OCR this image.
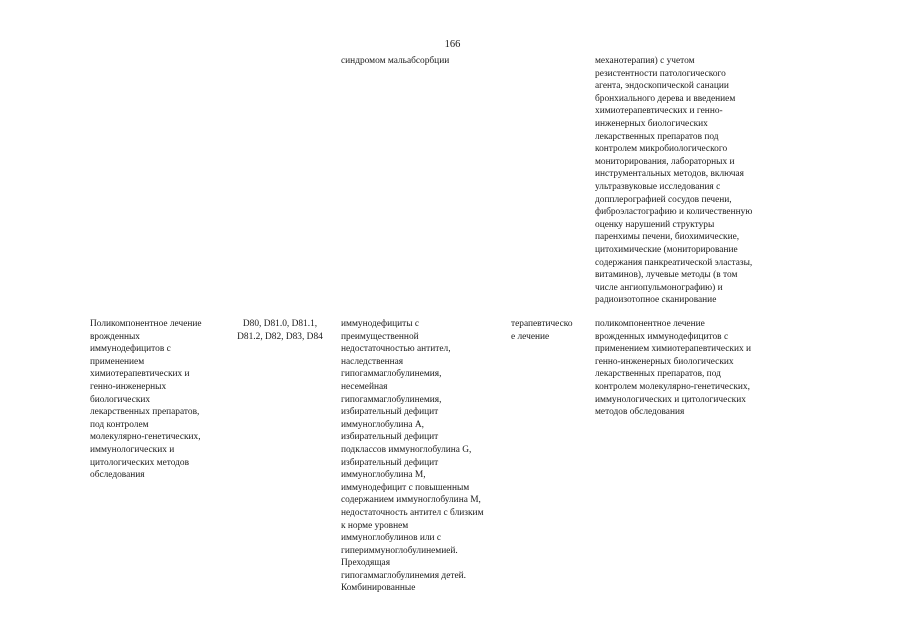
166
синдромом мальабсорбции	механотерапия) с учетом
резистентности патологического
агента, эндоскопической санации
бронхиального дерева и введением
химиотерапевтических и генно-
инженерных биологических
лекарственных препаратов под
контролем микробиологического
мониторирования, лабораторных и
инструментальных методов, включая
ультразвуковые исследования с
допплерографией сосудов печени,
фиброэластографию и количественную
оценку нарушений структуры
паренхимы печени, биохимические,
цитохимические (мониторирование
содержания панкреатической эластазы,
витаминов), лучевые методы (в том
числе ангиопульмонографию) и
радиоизотопное сканирование
Поликомпонентное лечение
врожденных
иммунодефицитов с
применением
химиотерапевтических и
генно-инженерных
биологических
лекарственных препаратов,
под контролем
молекулярно-генетических,
иммунологических и
цитологических методов
обследования
D80, D81.0, D81.1,
D81.2, D82, D83, D84
иммунодефициты с
преимущественной
недостаточностью антител,
наследственная
гипогаммаглобулинемия,
несемейная
гипогаммаглобулинемия,
избирательный дефицит
иммуноглобулина A,
избирательный дефицит
подклассов иммуноглобулина G,
избирательный дефицит
иммуноглобулина M,
иммунодефицит с повышенным
содержанием иммуноглобулина M,
недостаточность антител с близким
к норме уровнем
иммуноглобулинов или с
гипериммуноглобулинемией.
Преходящая
гипогаммаглобулинемия детей.
Комбинированные
терапевтическо
е лечение
поликомпонентное лечение
врожденных иммунодефицитов с
применением химиотерапевтических и
генно-инженерных биологических
лекарственных препаратов, под
контролем молекулярно-генетических,
иммунологических и цитологических
методов обследования
